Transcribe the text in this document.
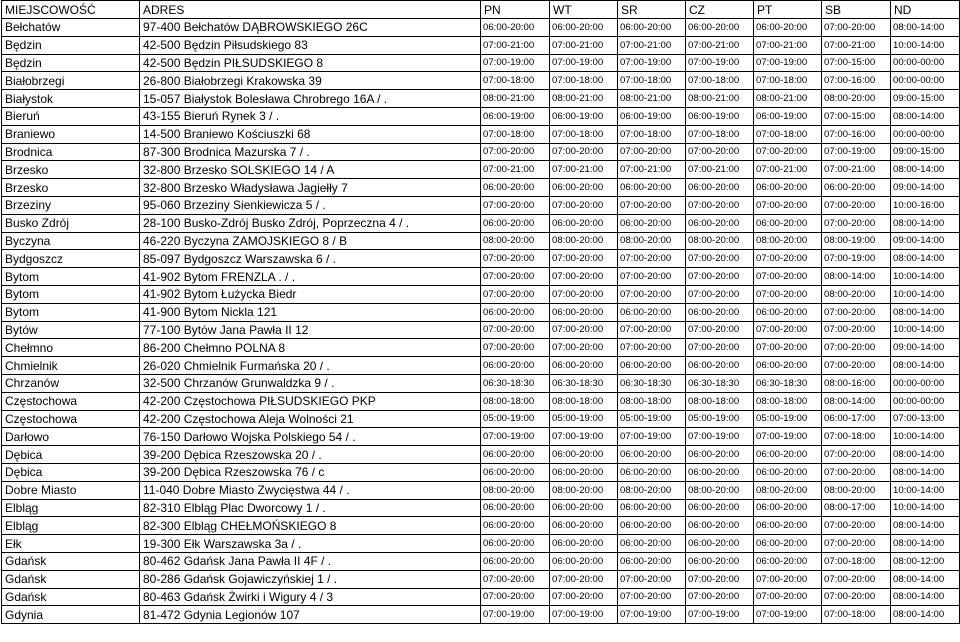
MIEJSCOWOŚĆ	ADRES	PN	WT	SR	CZ	PT	SB	ND
Bełchatów	97-400 Bełchatów DĄBROWSKIEGO 26C	06:00-20:00	06:00-20:00	06:00-20:00	06:00-20:00	06:00-20:00	07:00-20:00	08:00-14:00
Będzin	42-500 Będzin Piłsudskiego 83	07:00-21:00	07:00-21:00	07:00-21:00	07:00-21:00	07:00-21:00	07:00-21:00	10:00-14:00
Będzin	42-500 Będzin PIŁSUDSKIEGO 8	07:00-19:00	07:00-19:00	07:00-19:00	07:00-19:00	07:00-19:00	07:00-15:00	00:00-00:00
Białobrzegi	26-800 Białobrzegi Krakowska 39	07:00-18:00	07:00-18:00	07:00-18:00	07:00-18:00	07:00-18:00	07:00-16:00	00:00-00:00
Białystok	15-057 Białystok Bolesława Chrobrego 16A / .	08:00-21:00	08:00-21:00	08:00-21:00	08:00-21:00	08:00-21:00	08:00-20:00	09:00-15:00
Bieruń	43-155 Bieruń Rynek 3 / .	06:00-19:00	06:00-19:00	06:00-19:00	06:00-19:00	06:00-19:00	07:00-15:00	08:00-14:00
Braniewo	14-500 Braniewo Kościuszki 68	07:00-18:00	07:00-18:00	07:00-18:00	07:00-18:00	07:00-18:00	07:00-16:00	00:00-00:00
Brodnica	87-300 Brodnica Mazurska 7 / .	07:00-20:00	07:00-20:00	07:00-20:00	07:00-20:00	07:00-20:00	07:00-19:00	09:00-15:00
Brzesko	32-800 Brzesko SOLSKIEGO 14 / A	07:00-21:00	07:00-21:00	07:00-21:00	07:00-21:00	07:00-21:00	07:00-21:00	08:00-14:00
Brzesko	32-800 Brzesko Władysława Jagiełły 7	06:00-20:00	06:00-20:00	06:00-20:00	06:00-20:00	06:00-20:00	06:00-20:00	09:00-14:00
Brzeziny	95-060 Brzeziny Sienkiewicza 5 / .	07:00-20:00	07:00-20:00	07:00-20:00	07:00-20:00	07:00-20:00	07:00-20:00	10:00-16:00
Busko Zdrój	28-100 Busko-Zdrój Busko Zdrój, Poprzeczna 4 / .	06:00-20:00	06:00-20:00	06:00-20:00	06:00-20:00	06:00-20:00	07:00-20:00	08:00-14:00
Byczyna	46-220 Byczyna ZAMOJSKIEGO 8 / B	08:00-20:00	08:00-20:00	08:00-20:00	08:00-20:00	08:00-20:00	08:00-19:00	09:00-14:00
Bydgoszcz	85-097 Bydgoszcz Warszawska 6 / .	07:00-20:00	07:00-20:00	07:00-20:00	07:00-20:00	07:00-20:00	07:00-19:00	08:00-14:00
Bytom	41-902 Bytom FRENZLA . / .	07:00-20:00	07:00-20:00	07:00-20:00	07:00-20:00	07:00-20:00	08:00-14:00	10:00-14:00
Bytom	41-902 Bytom Łużycka Biedr	07:00-20:00	07:00-20:00	07:00-20:00	07:00-20:00	07:00-20:00	08:00-20:00	10:00-14:00
Bytom	41-900 Bytom Nickla 121	06:00-20:00	06:00-20:00	06:00-20:00	06:00-20:00	06:00-20:00	07:00-20:00	08:00-14:00
Bytów	77-100 Bytów Jana Pawła II 12	07:00-20:00	07:00-20:00	07:00-20:00	07:00-20:00	07:00-20:00	07:00-20:00	10:00-14:00
Chełmno	86-200 Chełmno POLNA 8	07:00-20:00	07:00-20:00	07:00-20:00	07:00-20:00	07:00-20:00	07:00-20:00	09:00-14:00
Chmielnik	26-020 Chmielnik Furmańska 20 / .	06:00-20:00	06:00-20:00	06:00-20:00	06:00-20:00	06:00-20:00	07:00-20:00	08:00-14:00
Chrzanów	32-500 Chrzanów Grunwaldzka 9 / .	06:30-18:30	06:30-18:30	06:30-18:30	06:30-18:30	06:30-18:30	08:00-16:00	00:00-00:00
Częstochowa	42-200 Częstochowa PIŁSUDSKIEGO PKP	08:00-18:00	08:00-18:00	08:00-18:00	08:00-18:00	08:00-18:00	08:00-14:00	00:00-00:00
Częstochowa	42-200 Częstochowa Aleja Wolności 21	05:00-19:00	05:00-19:00	05:00-19:00	05:00-19:00	05:00-19:00	06:00-17:00	07:00-13:00
Darłowo	76-150 Darłowo Wojska Polskiego 54 / .	07:00-19:00	07:00-19:00	07:00-19:00	07:00-19:00	07:00-19:00	07:00-18:00	10:00-14:00
Dębica	39-200 Dębica Rzeszowska 20 / .	06:00-20:00	06:00-20:00	06:00-20:00	06:00-20:00	06:00-20:00	07:00-20:00	08:00-14:00
Dębica	39-200 Dębica Rzeszowska 76 / c	06:00-20:00	06:00-20:00	06:00-20:00	06:00-20:00	06:00-20:00	07:00-20:00	08:00-14:00
Dobre Miasto	11-040 Dobre Miasto Zwycięstwa 44 / .	08:00-20:00	08:00-20:00	08:00-20:00	08:00-20:00	08:00-20:00	08:00-20:00	10:00-14:00
Elbląg	82-310 Elbląg Plac Dworcowy 1 / .	06:00-20:00	06:00-20:00	06:00-20:00	06:00-20:00	06:00-20:00	08:00-17:00	10:00-14:00
Elbląg	82-300 Elbląg CHEŁMOŃSKIEGO 8	06:00-20:00	06:00-20:00	06:00-20:00	06:00-20:00	06:00-20:00	07:00-20:00	08:00-14:00
Ełk	19-300 Ełk Warszawska 3a / .	06:00-20:00	06:00-20:00	06:00-20:00	06:00-20:00	06:00-20:00	07:00-20:00	08:00-14:00
Gdańsk	80-462 Gdańsk Jana Pawła II 4F / .	06:00-20:00	06:00-20:00	06:00-20:00	06:00-20:00	06:00-20:00	07:00-18:00	08:00-12:00
Gdańsk	80-286 Gdańsk Gojawiczyńskiej 1 / .	07:00-20:00	07:00-20:00	07:00-20:00	07:00-20:00	07:00-20:00	07:00-20:00	08:00-14:00
Gdańsk	80-463 Gdańsk Żwirki i Wigury 4 / 3	07:00-20:00	07:00-20:00	07:00-20:00	07:00-20:00	07:00-20:00	07:00-20:00	08:00-14:00
Gdynia	81-472 Gdynia Legionów 107	07:00-19:00	07:00-19:00	07:00-19:00	07:00-19:00	07:00-19:00	07:00-18:00	08:00-14:00
